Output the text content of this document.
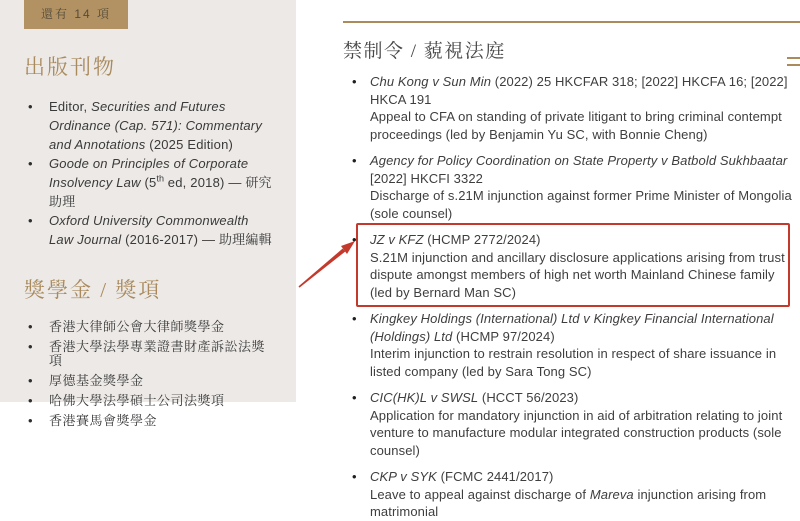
還有 14 項
出版刊物
• Editor, Securities and Futures Ordinance (Cap. 571): Commentary and Annotations (2025 Edition)
• Goode on Principles of Corporate Insolvency Law (5th ed, 2018) — 研究助理
• Oxford University Commonwealth Law Journal (2016-2017) — 助理編輯
獎學金 / 獎項
• 香港大律師公會大律師獎學金
• 香港大學法學專業證書財產訴訟法獎項
• 厚德基金獎學金
• 哈佛大學法學碩士公司法獎項
• 香港賽馬會獎學金
禁制令 / 藐視法庭
• Chu Kong v Sun Min (2022) 25 HKCFAR 318; [2022] HKCFA 16; [2022] HKCA 191
Appeal to CFA on standing of private litigant to bring criminal contempt proceedings (led by Benjamin Yu SC, with Bonnie Cheng)
• Agency for Policy Coordination on State Property v Batbold Sukhbaatar [2022] HKCFI 3322
Discharge of s.21M injunction against former Prime Minister of Mongolia (sole counsel)
• JZ v KFZ (HCMP 2772/2024)
S.21M injunction and ancillary disclosure applications arising from trust dispute amongst members of high net worth Mainland Chinese family (led by Bernard Man SC)
• Kingkey Holdings (International) Ltd v Kingkey Financial International (Holdings) Ltd (HCMP 97/2024)
Interim injunction to restrain resolution in respect of share issuance in listed company (led by Sara Tong SC)
• CIC(HK)L v SWSL (HCCT 56/2023)
Application for mandatory injunction in aid of arbitration relating to joint venture to manufacture modular integrated construction products (sole counsel)
• CKP v SYK (FCMC 2441/2017)
Leave to appeal against discharge of Mareva injunction arising from matrimonial
